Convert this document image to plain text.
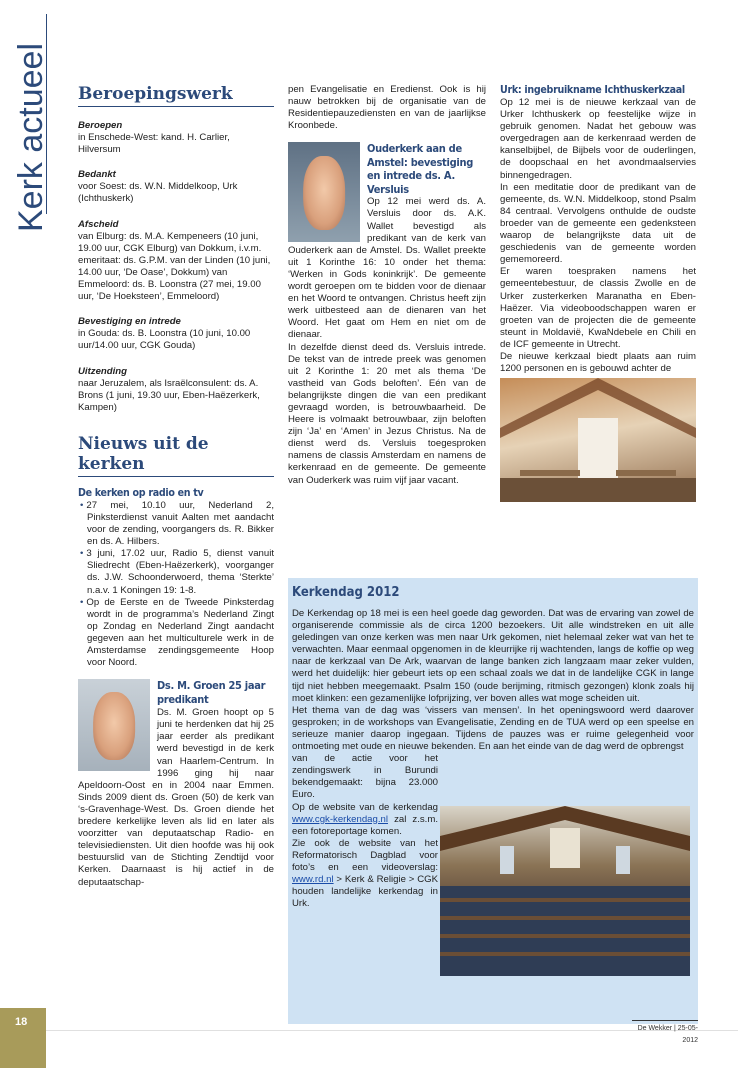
Kerk actueel Beroepingswerk
Beroepen
in Enschede-West: kand. H. Carlier, Hilversum
Bedankt
voor Soest: ds. W.N. Middelkoop, Urk (Ichthuskerk)
Afscheid
van Elburg: ds. M.A. Kempeneers (10 juni, 19.00 uur, CGK Elburg) van Dokkum, i.v.m. emeritaat: ds. G.P.M. van der Linden (10 juni, 14.00 uur, ‘De Oase’, Dokkum) van Emmeloord: ds. B. Loonstra (27 mei, 19.00 uur, ‘De Hoeksteen’, Emmeloord)
Bevestiging en intrede
in Gouda: ds. B. Loonstra (10 juni, 10.00 uur/14.00 uur, CGK Gouda)
Uitzending
naar Jeruzalem, als Israëlconsulent: ds. A. Brons (1 juni, 19.30 uur, Eben-Haëzerkerk, Kampen)
Nieuws uit de kerken
De kerken op radio en tv
• 27 mei, 10.10 uur, Nederland 2, Pinksterdienst vanuit Aalten met aandacht voor de zending, voorgangers ds. R. Bikker en ds. A. Hilbers.
• 3 juni, 17.02 uur, Radio 5, dienst vanuit Sliedrecht (Eben-Haëzerkerk), voorganger ds. J.W. Schoonderwoerd, thema ‘Sterkte’ n.a.v. 1 Koningen 19: 1-8.
• Op de Eerste en de Tweede Pinksterdag wordt in de programma’s Nederland Zingt op Zondag en Nederland Zingt aandacht gegeven aan het multiculturele werk in de Amsterdamse zendingsgemeente Hoop voor Noord.
Ds. M. Groen 25 jaar predikant

Ds. M. Groen hoopt op 5 juni te herdenken dat hij 25 jaar eerder als predikant werd bevestigd in de kerk van Haarlem-Centrum. In 1996 ging hij naar Apeldoorn-Oost en in 2004 naar Emmen. Sinds 2009 dient ds. Groen (50) de kerk van ‘s-Gravenhage-West. Ds. Groen diende het bredere kerkelijke leven als lid en later als voorzitter van deputaatschap Radio- en televisiediensten. Uit dien hoofde was hij ook bestuurslid van de Stichting Zendtijd voor Kerken. Daarnaast is hij actief in de deputaatschap-

pen Evangelisatie en Eredienst. Ook is hij nauw betrokken bij de organisatie van de Residentiepauzediensten en van de jaarlijkse Kroonbede.

Ouderkerk aan de Amstel: bevestiging en intrede ds. A. Versluis

Op 12 mei werd ds. A. Versluis door ds. A.K. Wallet bevestigd als predikant van de kerk van Ouderkerk aan de Amstel. Ds. Wallet preekte uit 1 Korinthe 16: 10 onder het thema: ‘Werken in Gods koninkrijk’. De gemeente wordt geroepen om te bidden voor de dienaar en het Woord te ontvangen. Christus heeft zijn werk uitbesteed aan de dienaren van het Woord. Het gaat om Hem en niet om de dienaar.

In dezelfde dienst deed ds. Versluis intrede. De tekst van de intrede preek was genomen uit 2 Korinthe 1: 20 met als thema ‘De vastheid van Gods beloften’. Eén van de belangrijkste dingen die van een predikant gevraagd worden, is betrouwbaarheid. De Heere is volmaakt betrouwbaar, zijn beloften zijn ‘Ja’ en ‘Amen’ in Jezus Christus. Na de dienst werd ds. Versluis toegesproken namens de classis Amsterdam en namens de kerkenraad en de gemeente. De gemeente van Ouderkerk was ruim vijf jaar vacant.

Urk: ingebruikname Ichthuskerkzaal

Op 12 mei is de nieuwe kerkzaal van de Urker Ichthuskerk op feestelijke wijze in gebruik genomen. Nadat het gebouw was overgedragen aan de kerkenraad werden de kanselbijbel, de Bijbels voor de ouderlingen, de doopschaal en het avondmaalservies binnengedragen.

In een meditatie door de predikant van de gemeente, ds. W.N. Middelkoop, stond Psalm 84 centraal. Vervolgens onthulde de oudste broeder van de gemeente een gedenksteen waarop de belangrijkste data uit de geschiedenis van de gemeente worden gememoreerd.

Er waren toespraken namens het gemeentebestuur, de classis Zwolle en de Urker zusterkerken Maranatha en Eben-Haëzer. Via videoboodschappen waren er groeten van de projecten die de gemeente steunt in Moldavië, KwaNdebele en Chili en de ICF gemeente in Utrecht.

De nieuwe kerkzaal biedt plaats aan ruim 1200 personen en is gebouwd achter de

Kerkendag 2012

De Kerkendag op 18 mei is een heel goede dag geworden. Dat was de ervaring van zowel de organiserende commissie als de circa 1200 bezoekers. Uit alle windstreken en uit alle geledingen van onze kerken was men naar Urk gekomen, niet helemaal zeker wat van het te verwachten. Maar eenmaal opgenomen in de kleurrijke rij wachtenden, langs de koffie op weg naar de kerkzaal van De Ark, waarvan de lange banken zich langzaam maar zeker vulden, werd het duidelijk: hier gebeurt iets op een schaal zoals we dat in de landelijke CGK in lange tijd niet hebben meegemaakt. Psalm 150 (oude berijming, ritmisch gezongen) klonk zoals hij moet klinken: een gezamenlijke lofprijzing, ver boven alles wat moge scheiden uit.

Het thema van de dag was ‘vissers van mensen’. In het openingswoord werd daarover gesproken; in de workshops van Evangelisatie, Zending en de TUA werd op een speelse en serieuze manier daarop ingegaan. Tijdens de pauzes was er ruime gelegenheid voor ontmoeting met oude en nieuwe bekenden. En aan het einde van de dag werd de opbrengst

van de actie voor het zendingswerk in Burundi bekendgemaakt: bijna 23.000 Euro.

Op de website van de kerkendag www.cgk-kerkendag.nl zal z.s.m. een fotoreportage komen.

Zie ook de website van het Reformatorisch Dagblad voor foto’s en een videoverslag: www.rd.nl > Kerk & Religie > CGK houden landelijke kerkendag in Urk.

18
De Wekker | 25-05-2012
